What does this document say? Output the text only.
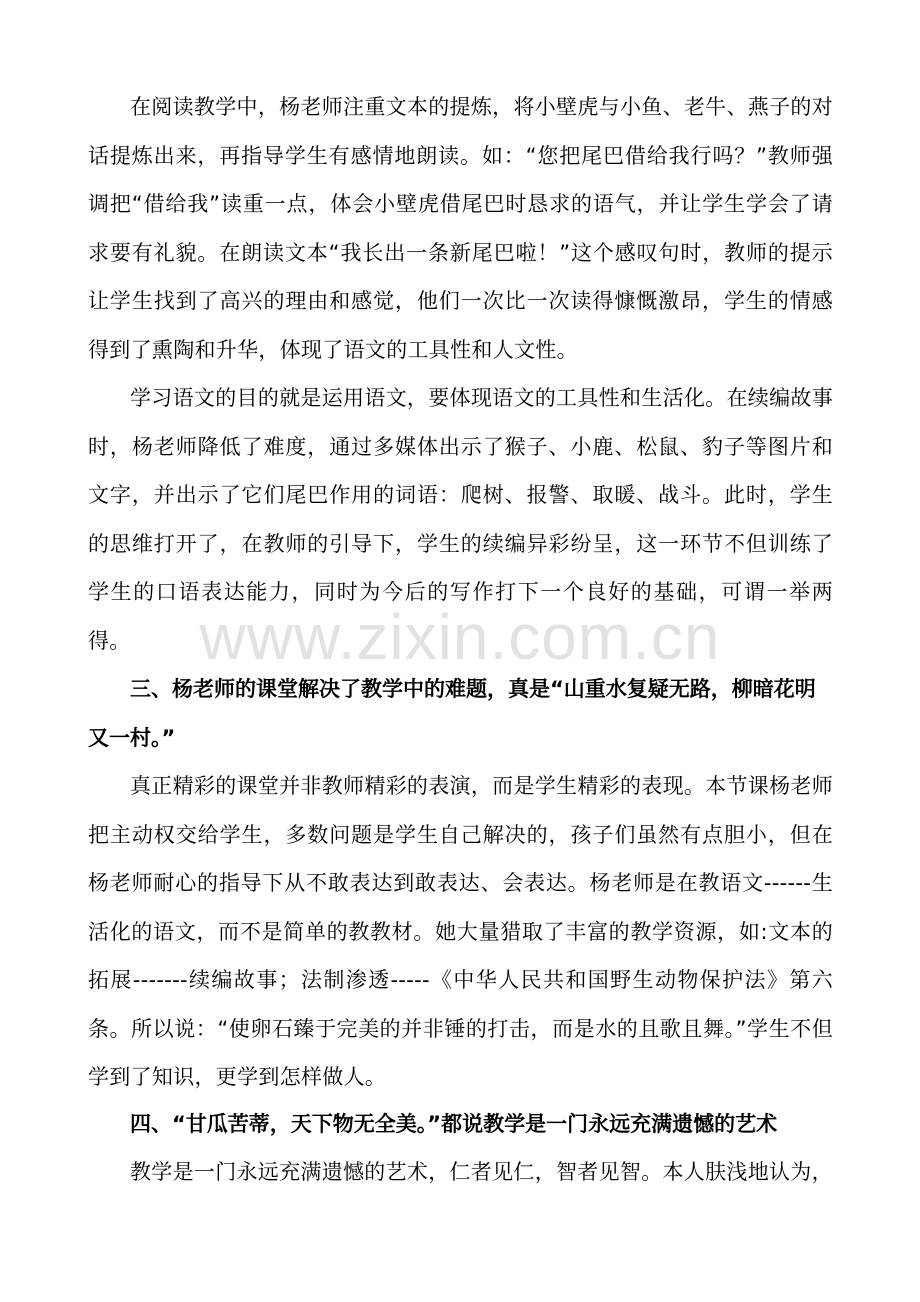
在阅读教学中，杨老师注重文本的提炼，将小壁虎与小鱼、老牛、燕子的对话提炼出来，再指导学生有感情地朗读。如：“您把尾巴借给我行吗？”教师强调把“借给我”读重一点，体会小壁虎借尾巴时恳求的语气，并让学生学会了请求要有礼貌。在朗读文本“我长出一条新尾巴啦！”这个感叹句时，教师的提示让学生找到了高兴的理由和感觉，他们一次比一次读得慷慨激昂，学生的情感得到了熏陶和升华，体现了语文的工具性和人文性。

学习语文的目的就是运用语文，要体现语文的工具性和生活化。在续编故事时，杨老师降低了难度，通过多媒体出示了猴子、小鹿、松鼠、豹子等图片和文字，并出示了它们尾巴作用的词语：爬树、报警、取暖、战斗。此时，学生的思维打开了，在教师的引导下，学生的续编异彩纷呈，这一环节不但训练了学生的口语表达能力，同时为今后的写作打下一个良好的基础，可谓一举两得。

三、杨老师的课堂解决了教学中的难题，真是“山重水复疑无路，柳暗花明又一村。”

真正精彩的课堂并非教师精彩的表演，而是学生精彩的表现。本节课杨老师把主动权交给学生，多数问题是学生自己解决的，孩子们虽然有点胆小，但在杨老师耐心的指导下从不敢表达到敢表达、会表达。杨老师是在教语文------生活化的语文，而不是简单的教教材。她大量猎取了丰富的教学资源，如:文本的拓展-------续编故事；法制渗透-----《中华人民共和国野生动物保护法》第六条。所以说：“使卵石臻于完美的并非锤的打击，而是水的且歌且舞。”学生不但学到了知识，更学到怎样做人。

四、“甘瓜苦蒂，天下物无全美。”都说教学是一门永远充满遗憾的艺术

教学是一门永远充满遗憾的艺术，仁者见仁，智者见智。本人肤浅地认为，

www.zixin.com.cn
